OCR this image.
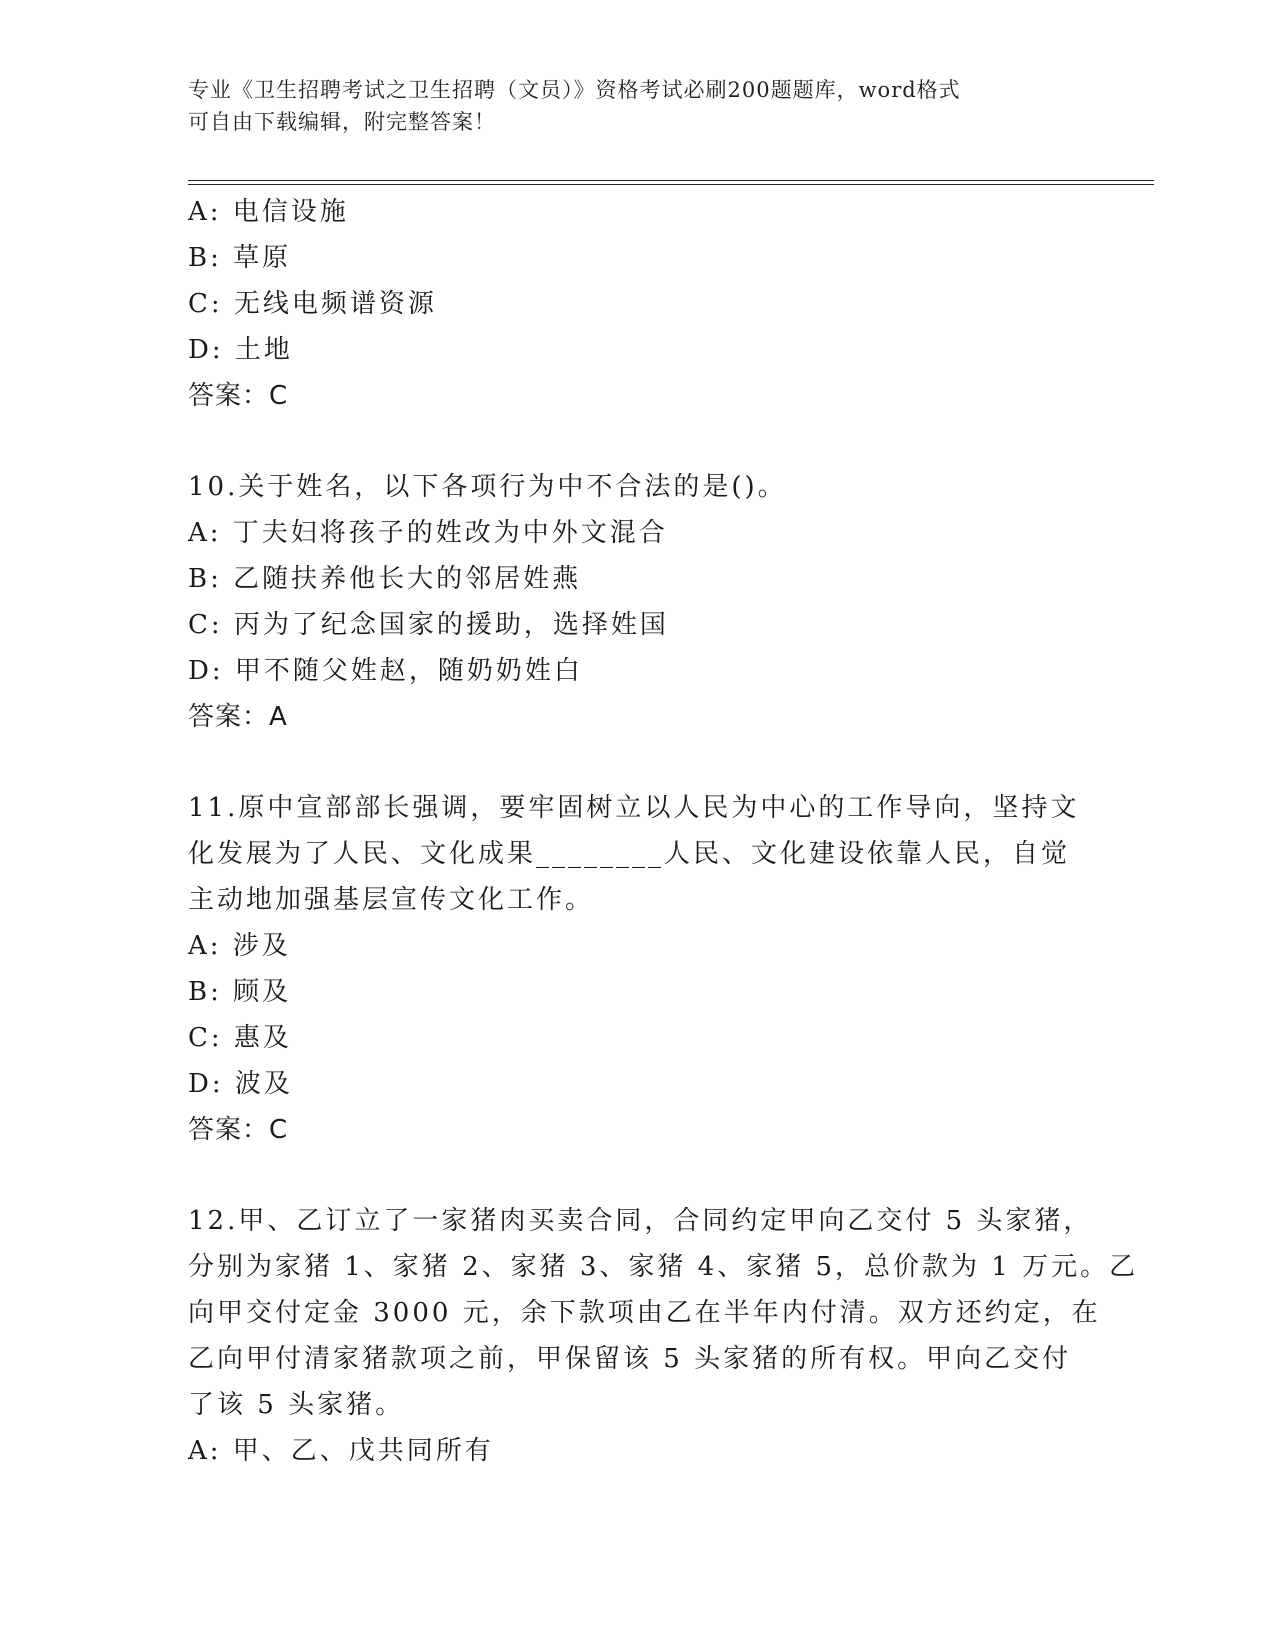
专业《卫生招聘考试之卫生招聘（文员）》资格考试必刷200题题库，word格式
可自由下载编辑，附完整答案！
A: 电信设施
B: 草原
C: 无线电频谱资源
D: 土地
答案：C
10.关于姓名，以下各项行为中不合法的是()。
A: 丁夫妇将孩子的姓改为中外文混合
B: 乙随扶养他长大的邻居姓燕
C: 丙为了纪念国家的援助，选择姓国
D: 甲不随父姓赵，随奶奶姓白
答案：A
11.原中宣部部长强调，要牢固树立以人民为中心的工作导向，坚持文
化发展为了人民、文化成果________人民、文化建设依靠人民，自觉
主动地加强基层宣传文化工作。
A: 涉及
B: 顾及
C: 惠及
D: 波及
答案：C
12.甲、乙订立了一家猪肉买卖合同，合同约定甲向乙交付 5 头家猪，
分别为家猪 1、家猪 2、家猪 3、家猪 4、家猪 5，总价款为 1 万元。乙
向甲交付定金 3000 元，余下款项由乙在半年内付清。双方还约定，在
乙向甲付清家猪款项之前，甲保留该 5 头家猪的所有权。甲向乙交付
了该 5 头家猪。
A: 甲、乙、戊共同所有
